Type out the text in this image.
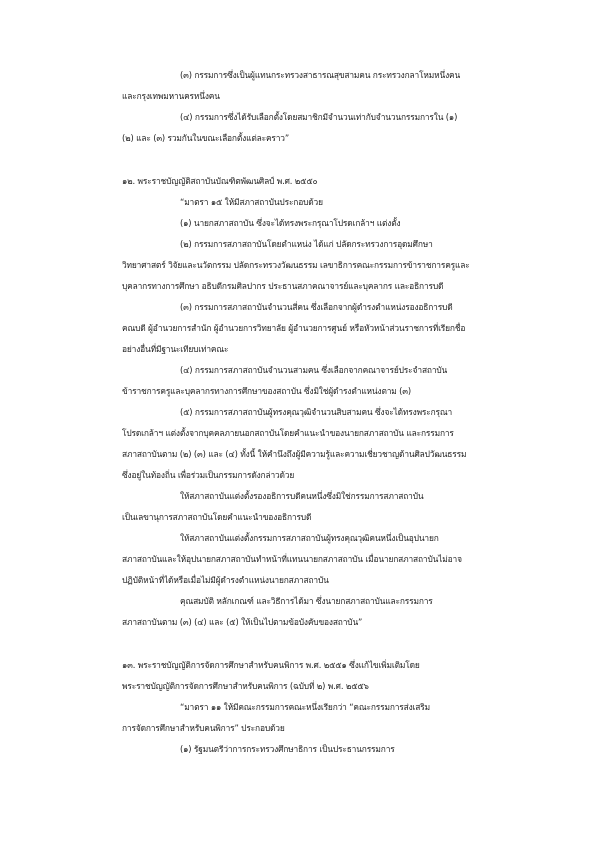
(๓) กรรมการซึ่งเป็นผู้แทนกระทรวงสาธารณสุขสามคน กระทรวงกลาโหมหนึ่งคน
และกรุงเทพมหานครหนึ่งคน
(๔) กรรมการซึ่งได้รับเลือกตั้งโดยสมาชิกมีจำนวนเท่ากับจำนวนกรรมการใน (๑)
(๒) และ (๓) รวมกันในขณะเลือกตั้งแต่ละคราว”
๑๒. พระราชบัญญัติสถาบันบัณฑิตพัฒนศิลป์ พ.ศ. ๒๕๕๐
“มาตรา ๑๕ ให้มีสภาสถาบันประกอบด้วย
(๑) นายกสภาสถาบัน ซึ่งจะได้ทรงพระกรุณาโปรดเกล้าฯ แต่งตั้ง
(๒) กรรมการสภาสถาบันโดยตำแหน่ง ได้แก่ ปลัดกระทรวงการอุดมศึกษา
วิทยาศาสตร์ วิจัยและนวัตกรรม ปลัดกระทรวงวัฒนธรรม เลขาธิการคณะกรรมการข้าราชการครูและ
บุคลากรทางการศึกษา อธิบดีกรมศิลปากร ประธานสภาคณาจารย์และบุคลากร และอธิการบดี
(๓) กรรมการสภาสถาบันจำนวนสี่คน ซึ่งเลือกจากผู้ดำรงตำแหน่งรองอธิการบดี
คณบดี ผู้อำนวยการสำนัก ผู้อำนวยการวิทยาลัย ผู้อำนวยการศูนย์ หรือหัวหน้าส่วนราชการที่เรียกชื่อ
อย่างอื่นที่มีฐานะเทียบเท่าคณะ
(๔) กรรมการสภาสถาบันจำนวนสามคน ซึ่งเลือกจากคณาจารย์ประจำสถาบัน
ข้าราชการครูและบุคลากรทางการศึกษาของสถาบัน ซึ่งมิใช่ผู้ดำรงตำแหน่งตาม (๓)
(๕) กรรมการสภาสถาบันผู้ทรงคุณวุฒิจำนวนสิบสามคน ซึ่งจะได้ทรงพระกรุณา
โปรดเกล้าฯ แต่งตั้งจากบุคคลภายนอกสถาบันโดยคำแนะนำของนายกสภาสถาบัน และกรรมการ
สภาสถาบันตาม (๒) (๓) และ (๔) ทั้งนี้ ให้คำนึงถึงผู้มีความรู้และความเชี่ยวชาญด้านศิลปวัฒนธรรม
ซึ่งอยู่ในท้องถิ่น เพื่อร่วมเป็นกรรมการดังกล่าวด้วย
ให้สภาสถาบันแต่งตั้งรองอธิการบดีคนหนึ่งซึ่งมิใช่กรรมการสภาสถาบัน
เป็นเลขานุการสภาสถาบันโดยคำแนะนำของอธิการบดี
ให้สภาสถาบันแต่งตั้งกรรมการสภาสถาบันผู้ทรงคุณวุฒิคนหนึ่งเป็นอุปนายก
สภาสถาบันและให้อุปนายกสภาสถาบันทำหน้าที่แทนนายกสภาสถาบัน เมื่อนายกสภาสถาบันไม่อาจ
ปฏิบัติหน้าที่ได้หรือเมื่อไม่มีผู้ดำรงตำแหน่งนายกสภาสถาบัน
คุณสมบัติ หลักเกณฑ์ และวิธีการได้มา ซึ่งนายกสภาสถาบันและกรรมการ
สภาสถาบันตาม (๓) (๔) และ (๕) ให้เป็นไปตามข้อบังคับของสถาบัน”
๑๓. พระราชบัญญัติการจัดการศึกษาสำหรับคนพิการ พ.ศ. ๒๕๕๑ ซึ่งแก้ไขเพิ่มเติมโดย
พระราชบัญญัติการจัดการศึกษาสำหรับคนพิการ (ฉบับที่ ๒) พ.ศ. ๒๕๕๖
“มาตรา ๑๑ ให้มีคณะกรรมการคณะหนึ่งเรียกว่า “คณะกรรมการส่งเสริม
การจัดการศึกษาสำหรับคนพิการ” ประกอบด้วย
(๑) รัฐมนตรีว่าการกระทรวงศึกษาธิการ เป็นประธานกรรมการ
